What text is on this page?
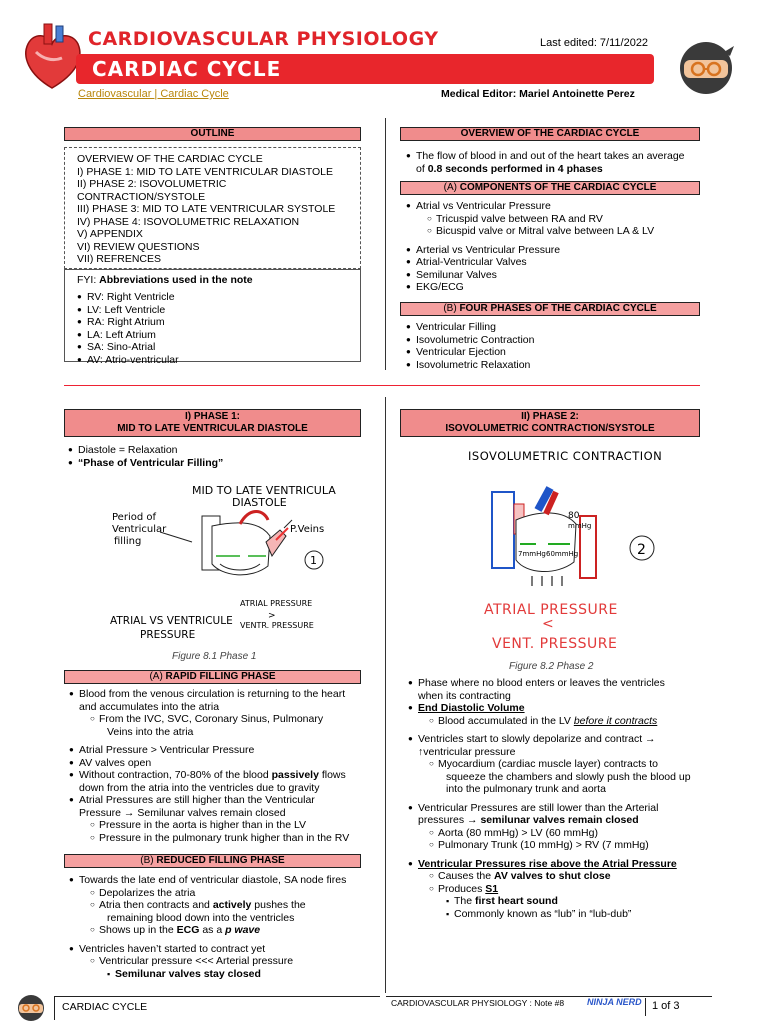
CARDIOVASCULAR PHYSIOLOGY	Last edited: 7/11/2022
CARDIAC CYCLE
Cardiovascular | Cardiac Cycle	Medical Editor: Mariel Antoinette Perez
OUTLINE
OVERVIEW OF THE CARDIAC CYCLE
I) PHASE 1: MID TO LATE VENTRICULAR DIASTOLE
II) PHASE 2: ISOVOLUMETRIC
CONTRACTION/SYSTOLE
III) PHASE 3: MID TO LATE VENTRICULAR SYSTOLE
IV) PHASE 4: ISOVOLUMETRIC RELAXATION
V) APPENDIX
VI) REVIEW QUESTIONS
VII) REFRENCES
FYI: Abbreviations used in the note
● RV: Right Ventricle
● LV: Left Ventricle
● RA: Right Atrium
● LA: Left Atrium
● SA: Sino-Atrial
● AV: Atrio-ventricular
OVERVIEW OF THE CARDIAC CYCLE
● The flow of blood in and out of the heart takes an average
of 0.8 seconds performed in 4 phases
(A) COMPONENTS OF THE CARDIAC CYCLE
● Atrial vs Ventricular Pressure
○ Tricuspid valve between RA and RV
○ Bicuspid valve or Mitral valve between LA & LV
● Arterial vs Ventricular Pressure
● Atrial-Ventricular Valves
● Semilunar Valves
● EKG/ECG
(B) FOUR PHASES OF THE CARDIAC CYCLE
● Ventricular Filling
● Isovolumetric Contraction
● Ventricular Ejection
● Isovolumetric Relaxation
I) PHASE 1:
MID TO LATE VENTRICULAR DIASTOLE
● Diastole = Relaxation
● “Phase of Ventricular Filling”
MID TO LATE VENTRICULA
DIASTOLE
Period of
Ventricular
filling
P.Veins
1
ATRIAL VS VENTRICULE
PRESSURE
ATRIAL PRESSURE
>
VENTR. PRESSURE
Figure 8.1 Phase 1
(A) RAPID FILLING PHASE
● Blood from the venous circulation is returning to the heart
and accumulates into the atria
○ From the IVC, SVC, Coronary Sinus, Pulmonary
Veins into the atria
● Atrial Pressure > Ventricular Pressure
● AV valves open
● Without contraction, 70-80% of the blood passively flows
down from the atria into the ventricles due to gravity
● Atrial Pressures are still higher than the Ventricular
Pressure → Semilunar valves remain closed
○ Pressure in the aorta is higher than in the LV
○ Pressure in the pulmonary trunk higher than in the RV
(B) REDUCED FILLING PHASE
● Towards the late end of ventricular diastole, SA node fires
○ Depolarizes the atria
○ Atria then contracts and actively pushes the
remaining blood down into the ventricles
○ Shows up in the ECG as a p wave
● Ventricles haven’t started to contract yet
○ Ventricular pressure <<< Arterial pressure
▪ Semilunar valves stay closed
II) PHASE 2:
ISOVOLUMETRIC CONTRACTION/SYSTOLE
ISOVOLUMETRIC CONTRACTION
80
mmHg
7mmHg 60mmHg	2
ATRIAL PRESSURE
<
VENT. PRESSURE
Figure 8.2 Phase 2
● Phase where no blood enters or leaves the ventricles
when its contracting
● End Diastolic Volume
○ Blood accumulated in the LV before it contracts
● Ventricles start to slowly depolarize and contract →
↑ventricular pressure
○ Myocardium (cardiac muscle layer) contracts to
squeeze the chambers and slowly push the blood up
into the pulmonary trunk and aorta
● Ventricular Pressures are still lower than the Arterial
pressures → semilunar valves remain closed
○ Aorta (80 mmHg) > LV (60 mmHg)
○ Pulmonary Trunk (10 mmHg) > RV (7 mmHg)
● Ventricular Pressures rise above the Atrial Pressure
○ Causes the AV valves to shut close
○ Produces S1
▪ The first heart sound
▪ Commonly known as “lub” in “lub-dub”
CARDIAC CYCLE	CARDIOVASCULAR PHYSIOLOGY : Note #8	NINJA NERD 1 of 3
